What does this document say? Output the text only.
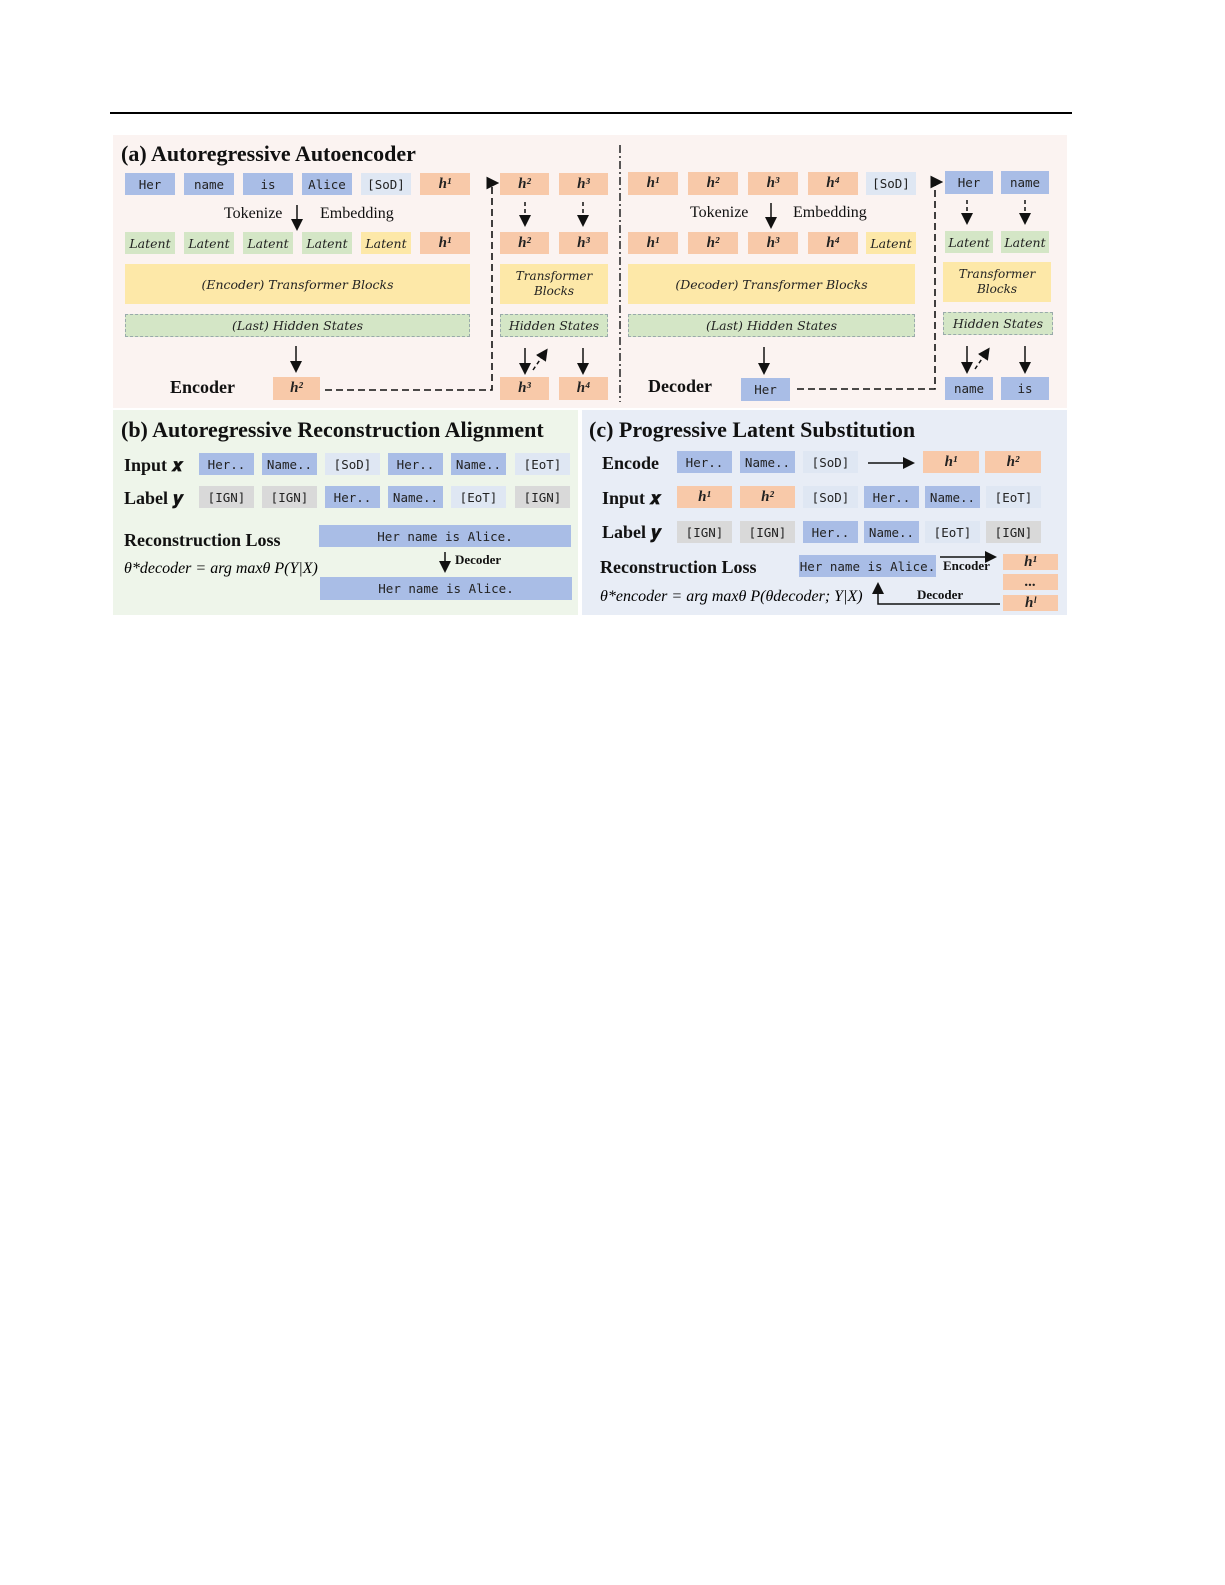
(a) Autoregressive Autoencoder
Tokenize Embedding
Encoder
Tokenize	Embedding
Decoder
(b) Autoregressive Reconstruction Alignment
Input 𝒙
Label 𝒚
Reconstruction Loss
Decoder
θ*decoder = arg maxθ P(Y|X)
(c) Progressive Latent Substitution
Encode
Input 𝒙
Label 𝒚
Reconstruction Loss	Encoder
Decoder
θ*encoder = arg maxθ P(θdecoder; Y|X)
Her	name	is	Alice	[SoD]	h¹
Latent	Latent	Latent	Latent	Latent	h¹
(Encoder) Transformer Blocks
(Last) Hidden States
h²
h²	h³
h²	h³
Transformer Blocks
Hidden States
h³	h⁴
h¹	h²	h³	h⁴	[SoD]
h¹	h²	h³	h⁴	Latent
(Decoder) Transformer Blocks
(Last) Hidden States
Her
Her	name
Latent Latent
Transformer Blocks
Hidden States
name	is
Her..	Name..	[SoD]	Her..	Name..	[EoT]
[IGN]	[IGN]	Her..	Name..	[EoT]	[IGN]
Her name is Alice.
Her name is Alice.
Her..	Name..	[SoD]	h¹	h²
h¹	h²	[SoD]	Her..	Name..	[EoT]
[IGN]	[IGN]	Her..	Name..	[EoT]	[IGN]
Her name is Alice.	h¹
...
hˡ
